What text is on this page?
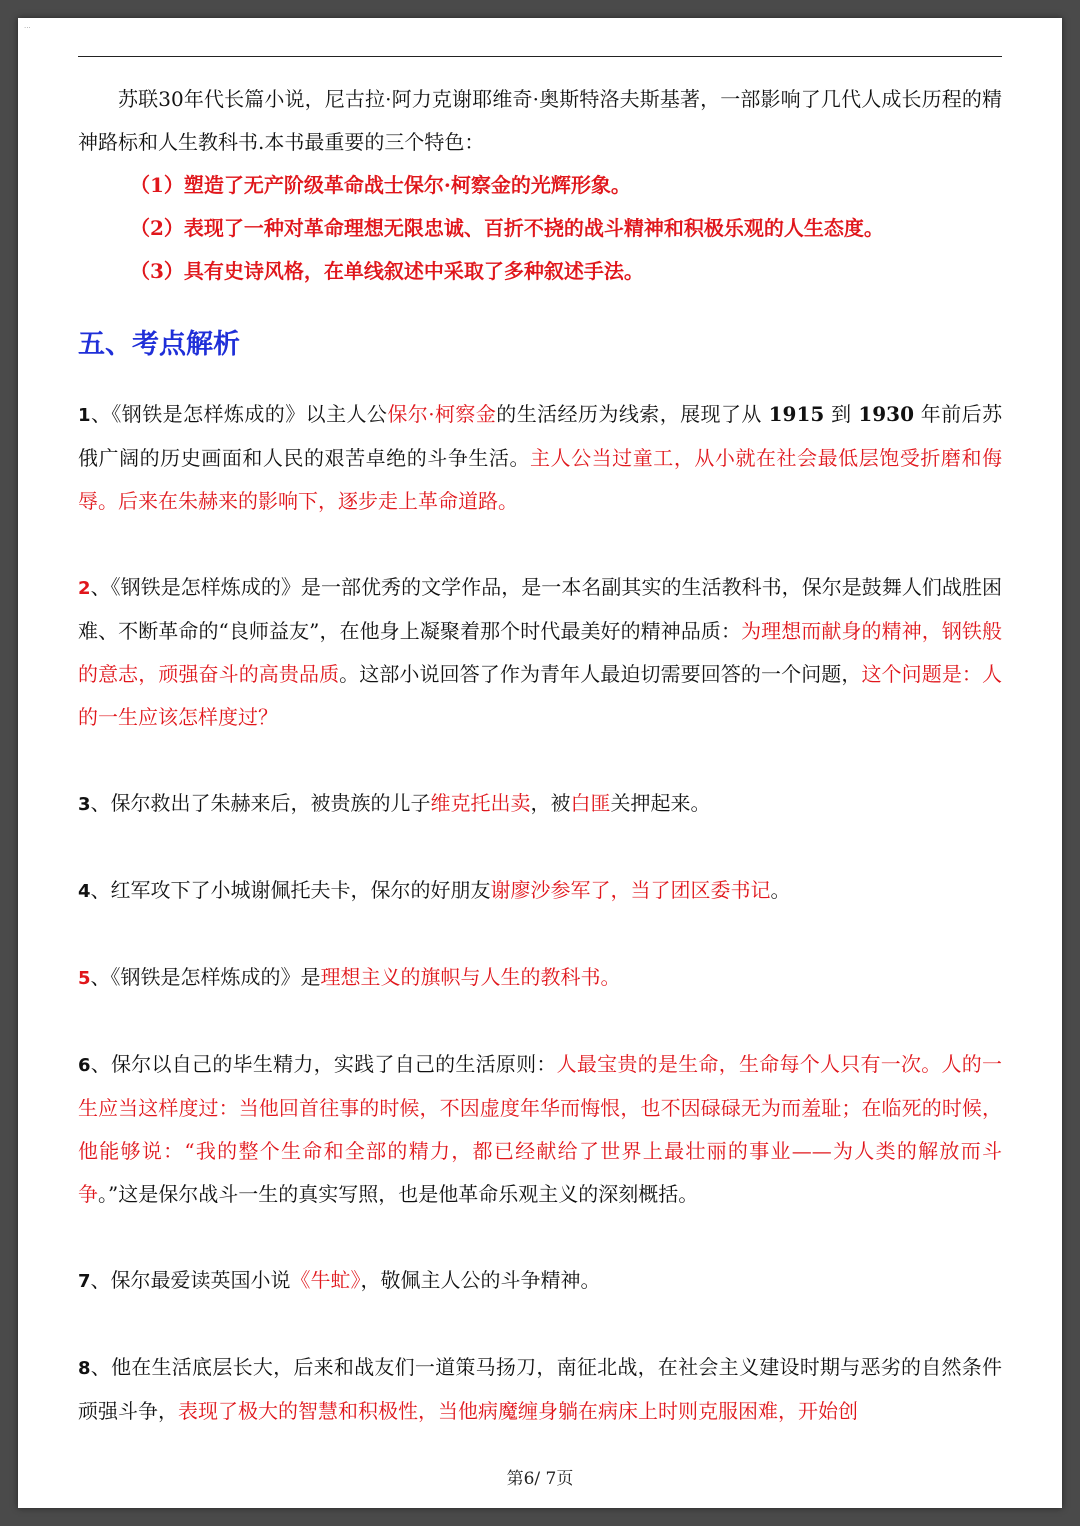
...

苏联30年代长篇小说，尼古拉·阿力克谢耶维奇·奥斯特洛夫斯基著，一部影响了几代人成长历程的精神路标和人生教科书.本书最重要的三个特色：

（1）塑造了无产阶级革命战士保尔·柯察金的光辉形象。

（2）表现了一种对革命理想无限忠诚、百折不挠的战斗精神和积极乐观的人生态度。

（3）具有史诗风格，在单线叙述中采取了多种叙述手法。

五、考点解析

1、《钢铁是怎样炼成的》以主人公保尔·柯察金的生活经历为线索，展现了从 1915 到 1930 年前后苏俄广阔的历史画面和人民的艰苦卓绝的斗争生活。主人公当过童工，从小就在社会最低层饱受折磨和侮辱。后来在朱赫来的影响下，逐步走上革命道路。

2、《钢铁是怎样炼成的》是一部优秀的文学作品，是一本名副其实的生活教科书，保尔是鼓舞人们战胜困难、不断革命的“良师益友”，在他身上凝聚着那个时代最美好的精神品质：为理想而献身的精神，钢铁般的意志，顽强奋斗的高贵品质。这部小说回答了作为青年人最迫切需要回答的一个问题，这个问题是：人的一生应该怎样度过？

3、保尔救出了朱赫来后，被贵族的儿子维克托出卖，被白匪关押起来。

4、红军攻下了小城谢佩托夫卡，保尔的好朋友谢廖沙参军了，当了团区委书记。

5、《钢铁是怎样炼成的》是理想主义的旗帜与人生的教科书。

6、保尔以自己的毕生精力，实践了自己的生活原则：人最宝贵的是生命，生命每个人只有一次。人的一生应当这样度过：当他回首往事的时候，不因虚度年华而悔恨，也不因碌碌无为而羞耻；在临死的时候，他能够说：“我的整个生命和全部的精力，都已经献给了世界上最壮丽的事业——为人类的解放而斗争。”这是保尔战斗一生的真实写照，也是他革命乐观主义的深刻概括。

7、保尔最爱读英国小说《牛虻》，敬佩主人公的斗争精神。

8、他在生活底层长大，后来和战友们一道策马扬刀，南征北战，在社会主义建设时期与恶劣的自然条件顽强斗争，表现了极大的智慧和积极性，当他病魔缠身躺在病床上时则克服困难，开始创

第6/ 7页
